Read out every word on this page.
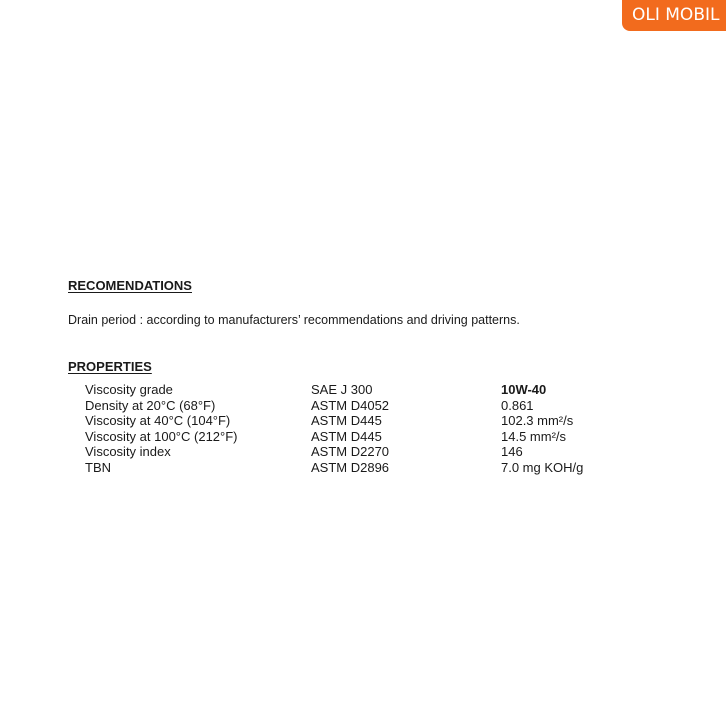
OLI MOBIL

RECOMENDATIONS

Drain period : according to manufacturers’ recommendations and driving patterns.

PROPERTIES

Viscosity grade	SAE J 300	10W-40
Density at 20°C (68°F)	ASTM D4052	0.861
Viscosity at 40°C (104°F)	ASTM D445	102.3 mm²/s
Viscosity at 100°C (212°F)	ASTM D445	14.5 mm²/s
Viscosity index	ASTM D2270	146
TBN	ASTM D2896	7.0 mg KOH/g
